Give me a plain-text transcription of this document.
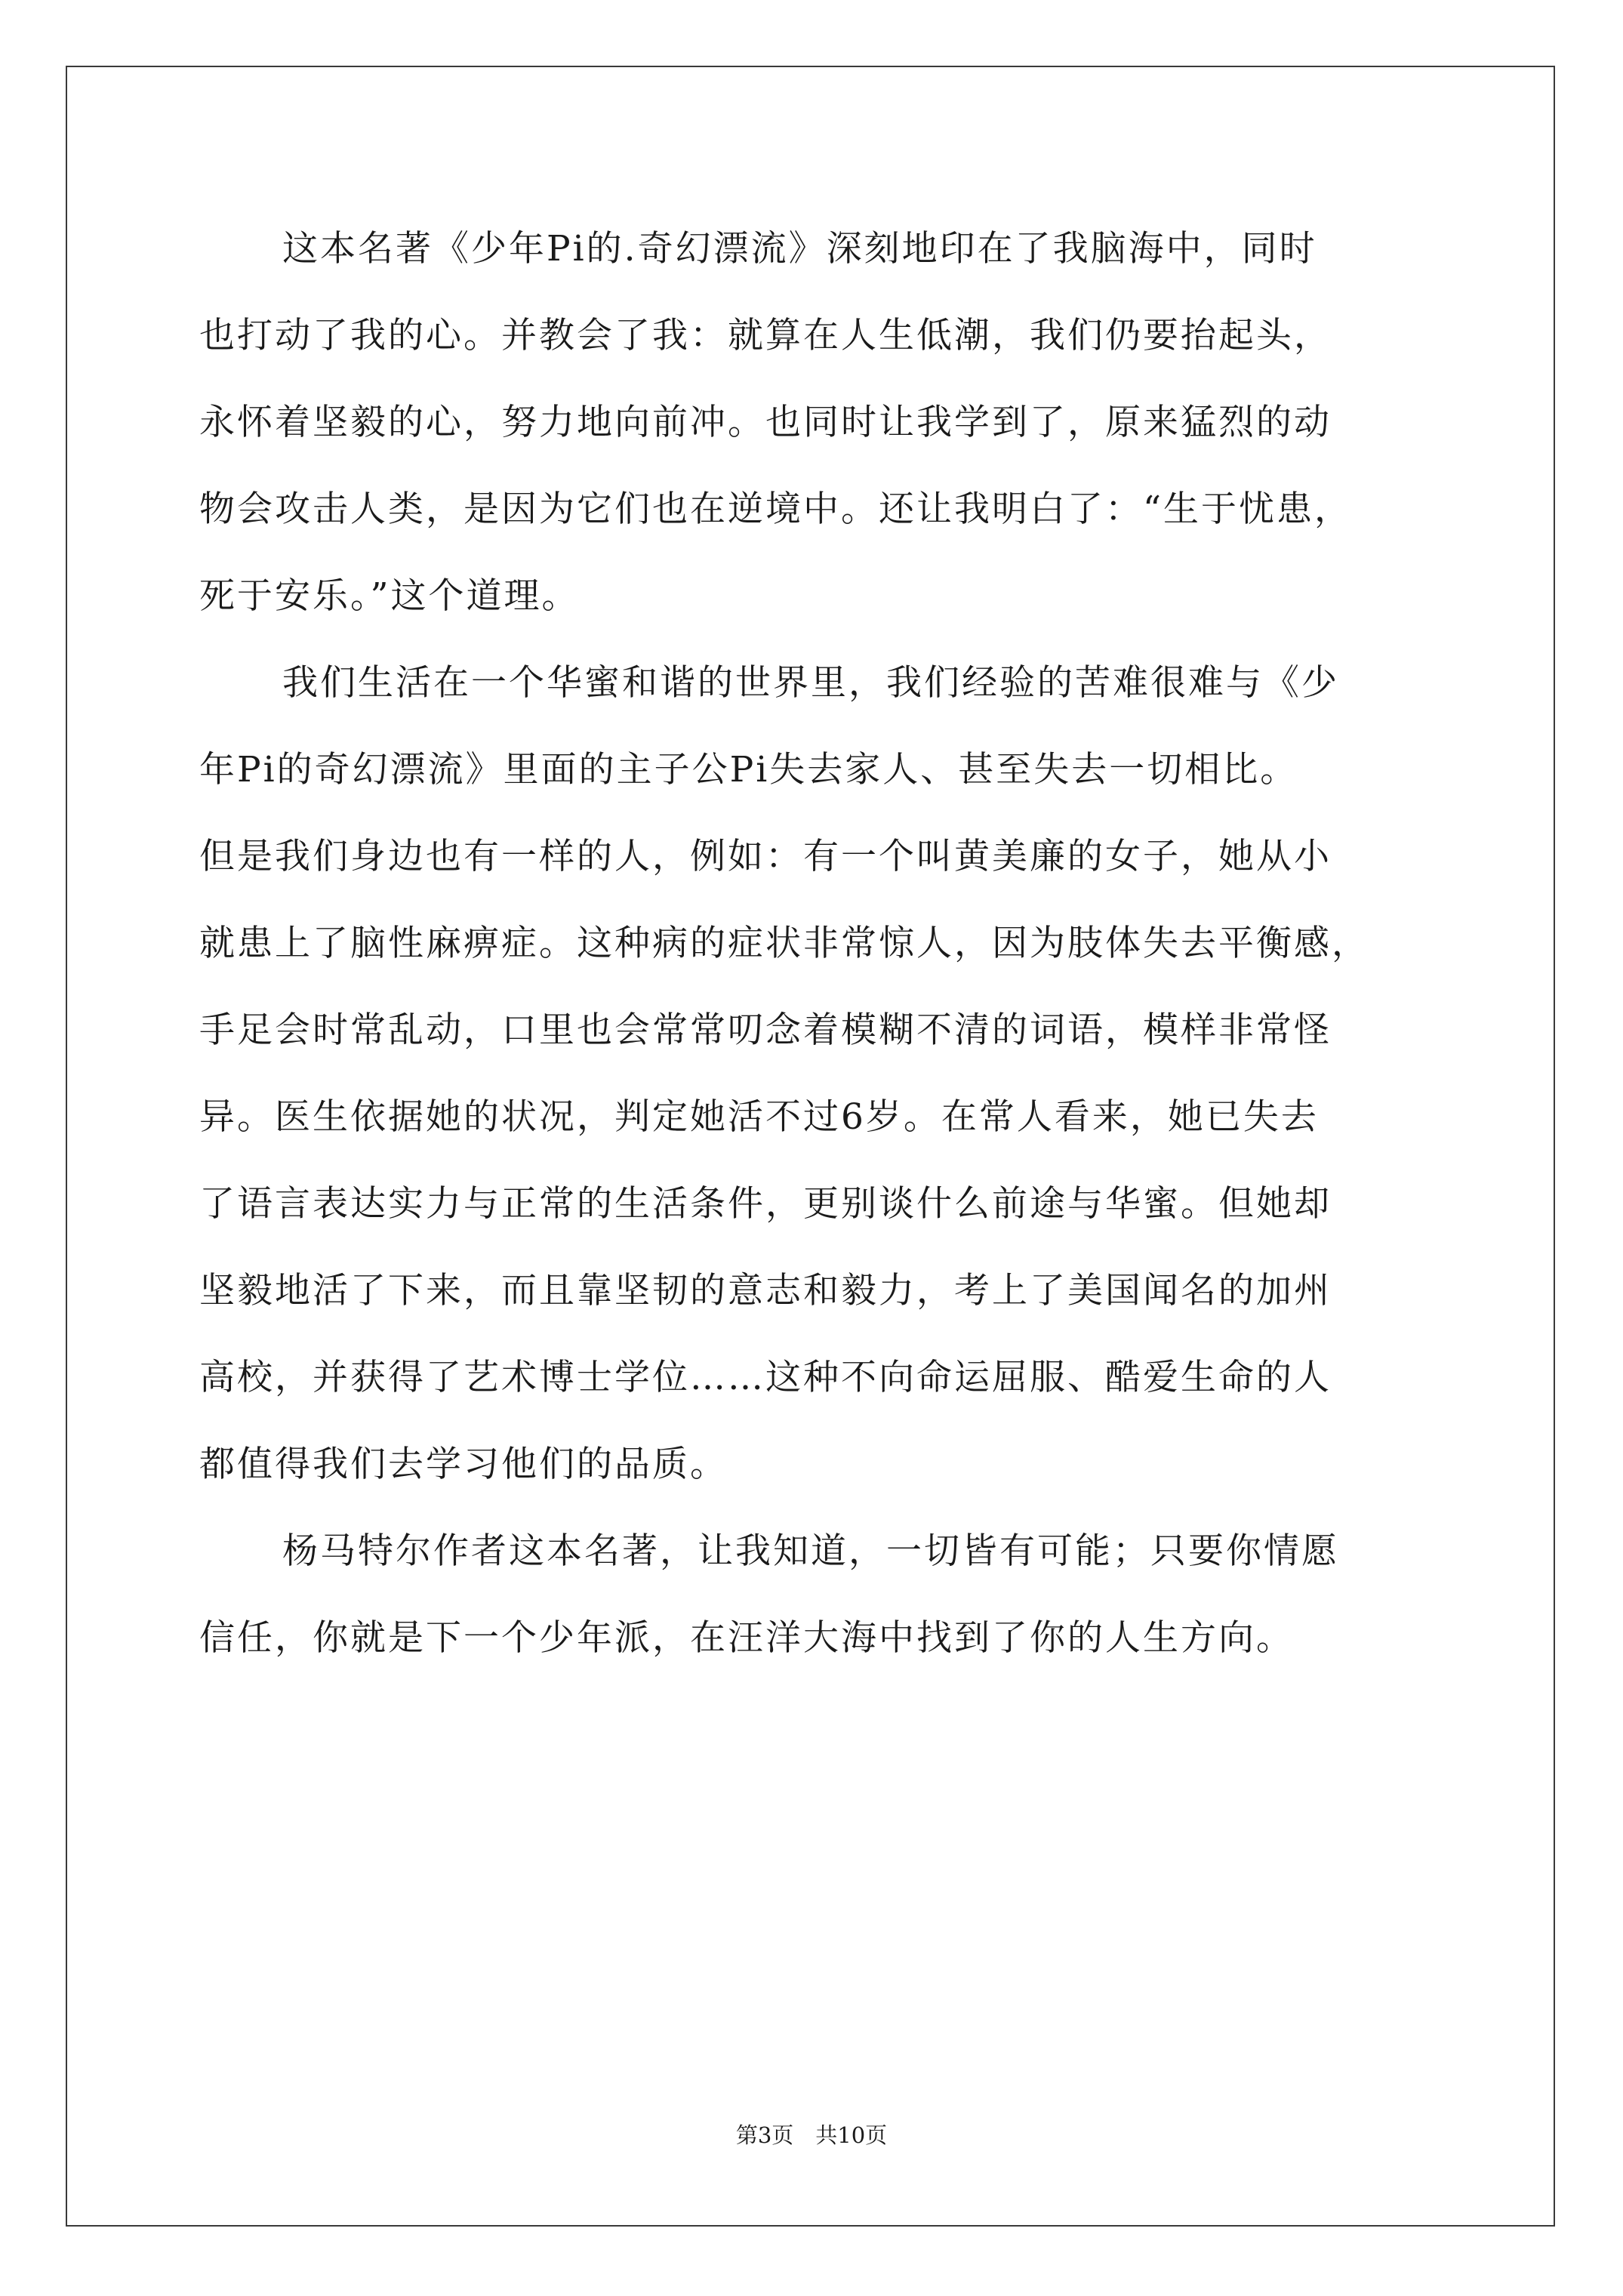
这本名著《少年Pi的.奇幻漂流》深刻地印在了我脑海中，同时
也打动了我的心。并教会了我：就算在人生低潮，我们仍要抬起头，
永怀着坚毅的心，努力地向前冲。也同时让我学到了，原来猛烈的动
物会攻击人类，是因为它们也在逆境中。还让我明白了：“生于忧患，
死于安乐。”这个道理。
我们生活在一个华蜜和谐的世界里，我们经验的苦难很难与《少
年Pi的奇幻漂流》里面的主子公Pi失去家人、甚至失去一切相比。
但是我们身边也有一样的人，例如：有一个叫黄美廉的女子，她从小
就患上了脑性麻痹症。这种病的症状非常惊人，因为肢体失去平衡感，
手足会时常乱动，口里也会常常叨念着模糊不清的词语，模样非常怪
异。医生依据她的状况，判定她活不过6岁。在常人看来，她已失去
了语言表达实力与正常的生活条件，更别谈什么前途与华蜜。但她却
坚毅地活了下来，而且靠坚韧的意志和毅力，考上了美国闻名的加州
高校，并获得了艺术博士学位……这种不向命运屈服、酷爱生命的人
都值得我们去学习他们的品质。
杨马特尔作者这本名著，让我知道，一切皆有可能；只要你情愿
信任，你就是下一个少年派，在汪洋大海中找到了你的人生方向。
第3页　共10页
